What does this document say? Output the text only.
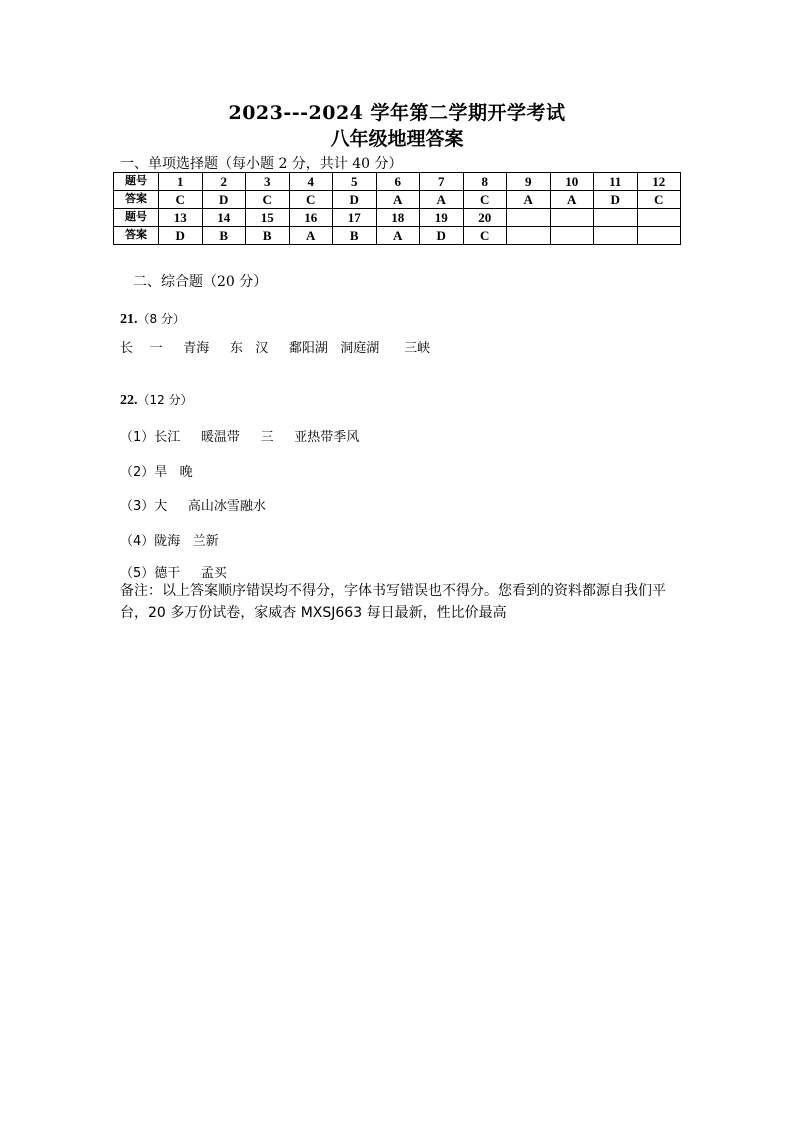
2023---2024 学年第二学期开学考试
八年级地理答案
一、单项选择题（每小题 2 分，共计 40 分）
题号	1	2	3	4	5	6	7	8	9	10	11	12
答案	C	D	C	C	D	A	A	C	A	A	D	C
题号	13	14	15	16	17	18	19	20				
答案	D	B	B	A	B	A	D	C				
二、综合题（20 分）
21.（8 分）
长    一     青海     东   汉     鄱阳湖   洞庭湖      三峡
22.（12 分）
（1）长江     暖温带     三     亚热带季风
（2）旱   晚
（3）大     高山冰雪融水
（4）陇海   兰新
（5）德干     孟买
备注：以上答案顺序错误均不得分，字体书写错误也不得分。您看到的资料都源自我们平台，20 多万份试卷，家威杏 MXSJ663 每日最新，性比价最高
